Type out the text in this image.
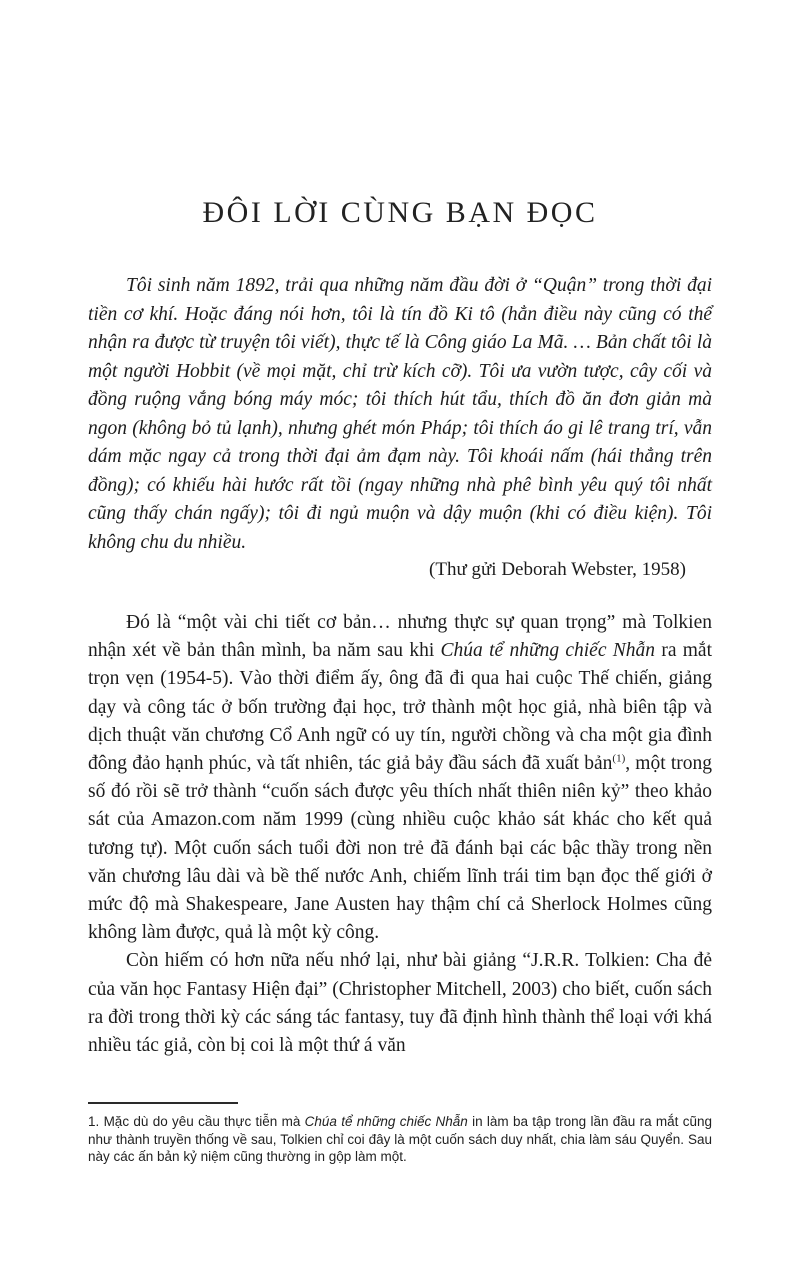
ĐÔI LỜI CÙNG BẠN ĐỌC

Tôi sinh năm 1892, trải qua những năm đầu đời ở “Quận” trong thời đại tiền cơ khí. Hoặc đáng nói hơn, tôi là tín đồ Ki tô (hẳn điều này cũng có thể nhận ra được từ truyện tôi viết), thực tế là Công giáo La Mã. … Bản chất tôi là một người Hobbit (về mọi mặt, chỉ trừ kích cỡ). Tôi ưa vườn tược, cây cối và đồng ruộng vắng bóng máy móc; tôi thích hút tẩu, thích đồ ăn đơn giản mà ngon (không bỏ tủ lạnh), nhưng ghét món Pháp; tôi thích áo gi lê trang trí, vẫn dám mặc ngay cả trong thời đại ảm đạm này. Tôi khoái nấm (hái thẳng trên đồng); có khiếu hài hước rất tồi (ngay những nhà phê bình yêu quý tôi nhất cũng thấy chán ngấy); tôi đi ngủ muộn và dậy muộn (khi có điều kiện). Tôi không chu du nhiều.

(Thư gửi Deborah Webster, 1958)

Đó là “một vài chi tiết cơ bản… nhưng thực sự quan trọng” mà Tolkien nhận xét về bản thân mình, ba năm sau khi Chúa tể những chiếc Nhẫn ra mắt trọn vẹn (1954-5). Vào thời điểm ấy, ông đã đi qua hai cuộc Thế chiến, giảng dạy và công tác ở bốn trường đại học, trở thành một học giả, nhà biên tập và dịch thuật văn chương Cổ Anh ngữ có uy tín, người chồng và cha một gia đình đông đảo hạnh phúc, và tất nhiên, tác giả bảy đầu sách đã xuất bản$^{(1)}$, một trong số đó rồi sẽ trở thành “cuốn sách được yêu thích nhất thiên niên kỷ” theo khảo sát của Amazon.com năm 1999 (cùng nhiều cuộc khảo sát khác cho kết quả tương tự). Một cuốn sách tuổi đời non trẻ đã đánh bại các bậc thầy trong nền văn chương lâu dài và bề thế nước Anh, chiếm lĩnh trái tim bạn đọc thế giới ở mức độ mà Shakespeare, Jane Austen hay thậm chí cả Sherlock Holmes cũng không làm được, quả là một kỳ công.

Còn hiếm có hơn nữa nếu nhớ lại, như bài giảng “J.R.R. Tolkien: Cha đẻ của văn học Fantasy Hiện đại” (Christopher Mitchell, 2003) cho biết, cuốn sách ra đời trong thời kỳ các sáng tác fantasy, tuy đã định hình thành thể loại với khá nhiều tác giả, còn bị coi là một thứ á văn

1. Mặc dù do yêu cầu thực tiễn mà Chúa tể những chiếc Nhẫn in làm ba tập trong lần đầu ra mắt cũng như thành truyền thống về sau, Tolkien chỉ coi đây là một cuốn sách duy nhất, chia làm sáu Quyển. Sau này các ấn bản kỷ niệm cũng thường in gộp làm một.
